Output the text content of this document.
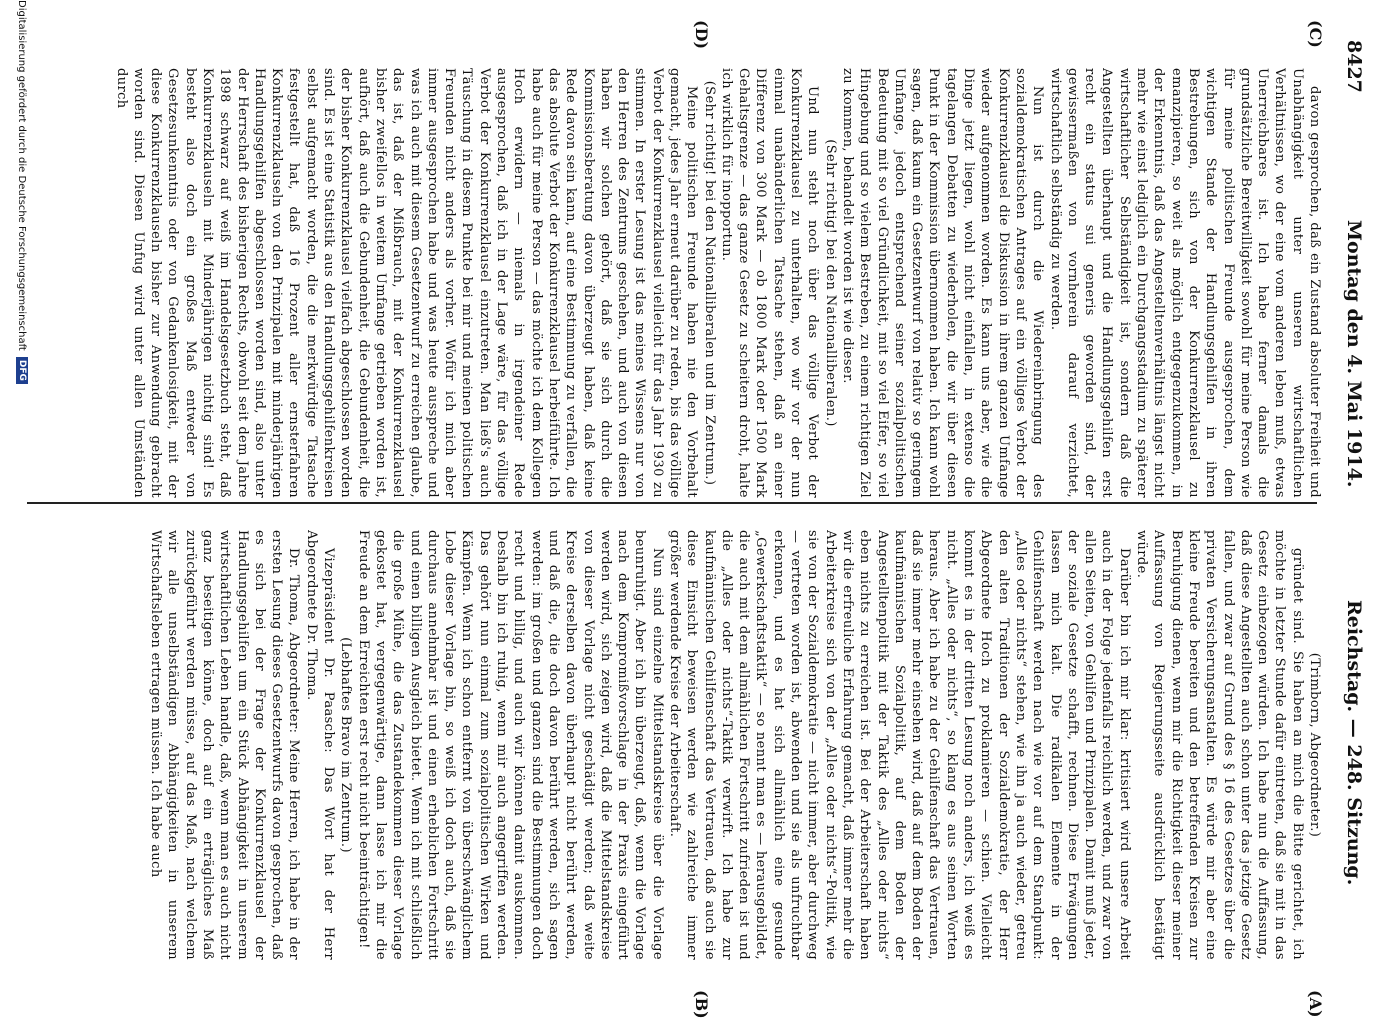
8427
Montag den 4. Mai 1914.
Reichstag. — 248. Sitzung.
(C)
(D)
(A)
(B)

davon gesprochen, daß ein Zustand absoluter Freiheit und Unabhängigkeit unter unseren wirtschaftlichen Verhältnissen, wo der eine vom anderen leben muß, etwas Unerreichbares ist. Ich habe ferner damals die grundsätzliche Bereitwilligkeit sowohl für meine Person wie für meine politischen Freunde ausgesprochen, dem wichtigen Stande der Handlungsgehilfen in ihren Bestrebungen, sich von der Konkurrenzklausel zu emanzipieren, so weit als möglich entgegenzukommen, in der Erkenntnis, daß das Angestelltenverhältnis längst nicht mehr wie einst lediglich ein Durchgangsstadium zu späterer wirtschaftlicher Selbständigkeit ist, sondern daß die Angestellten überhaupt und die Handlungsgehilfen erst recht ein status sui generis geworden sind, der gewissermaßen von vornherein darauf verzichtet, wirtschaftlich selbständig zu werden.

Nun ist durch die Wiedereinbringung des sozialdemokratischen Antrages auf ein völliges Verbot der Konkurrenzklausel die Diskussion in ihrem ganzen Umfange wieder aufgenommen worden. Es kann uns aber, wie die Dinge jetzt liegen, wohl nicht einfallen, in extenso die tagelangen Debatten zu wiederholen, die wir über diesen Punkt in der Kommission übernommen haben. Ich kann wohl sagen, daß kaum ein Gesetzentwurf von relativ so geringem Umfange, jedoch entsprechend seiner sozialpolitischen Bedeutung mit so viel Gründlichkeit, mit so viel Eifer, so viel Hingebung und so vielem Bestreben, zu einem richtigen Ziel zu kommen, behandelt worden ist wie dieser.

(Sehr richtig! bei den Nationalliberalen.)

Und nun steht noch über das völlige Verbot der Konkurrenzklausel zu unterhalten, wo wir vor der nun einmal unabänderlichen Tatsache stehen, daß an einer Differenz von 300 Mark — ob 1800 Mark oder 1500 Mark Gehaltsgrenze — das ganze Gesetz zu scheitern droht, halte ich wirklich für inopportun.

(Sehr richtig! bei den Nationalliberalen und im Zentrum.)

Meine politischen Freunde haben nie den Vorbehalt gemacht, jedes Jahr erneut darüber zu reden, bis das völlige Verbot der Konkurrenzklausel vielleicht für das Jahr 1930 zu stimmen. In erster Lesung ist das meines Wissens nur von den Herren des Zentrums geschehen, und auch von diesen haben wir solchen gehört, daß sie sich durch die Kommissionsberatung davon überzeugt haben, daß keine Rede davon sein kann, auf eine Bestimmung zu verfallen, die das absolute Verbot der Konkurrenzklausel herbeiführte. Ich habe auch für meine Person — das möchte ich dem Kollegen Hoch erwidern — niemals in irgendeiner Rede ausgesprochen, daß ich in der Lage wäre, für das völlige Verbot der Konkurrenzklausel einzutreten. Man ließ's auch Täuschung in diesem Punkte bei mir und meinen politischen Freunden nicht anders als vorher. Wofür ich mich aber immer ausgesprochen habe und was heute ausspreche und was ich auch mit diesem Gesetzentwurf zu erreichen glaube, das ist, daß der Mißbrauch, mit der Konkurrenzklausel bisher zweifellos in weitem Umfange getrieben worden ist, aufhört, daß auch die Gebundenheit, die Gebundenheit, die der bisher Konkurrenzklausel vielfach abgeschlossen worden sind. Es ist eine Statistik aus den Handlungsgehilfenkreisen selbst aufgemacht worden, die die merkwürdige Tatsache festgestellt hat, daß 16 Prozent aller ernsterfahren Konkurrenzklauseln von den Prinzipalen mit minderjährigen Handlungsgehilfen abgeschlossen worden sind, also unter der Herrschaft des bisherigen Rechts, obwohl seit dem Jahre 1898 schwarz auf weiß im Handelsgesetzbuch steht, daß Konkurrenzklauseln mit Minderjährigen nichtig sind! Es besteht also doch ein großes Maß entweder von Gesetzesunkenntnis oder von Gedankenlosigkeit, mit der diese Konkurrenzklauseln bisher zur Anwendung gebracht worden sind. Diesen Unfug wird unter allen Umständen durch

(Trimborn, Abgeordneter.)

gründet sind. Sie haben an mich die Bitte gerichtet, ich möchte in letzter Stunde dafür eintreten, daß sie mit in das Gesetz einbezogen würden. Ich habe nun die Auffassung, daß diese Angestellten auch schon unter das jetzige Gesetz fallen, und zwar auf Grund des § 16 des Gesetzes über die privaten Versicherungsanstalten. Es würde mir aber eine kleine Freude bereiten und den betreffenden Kreisen zur Beruhigung dienen, wenn mir die Richtigkeit dieser meiner Auffassung von Regierungsseite ausdrücklich bestätigt würde.

Darüber bin ich mir klar: kritisiert wird unsere Arbeit auch in der Folge jedenfalls reichlich werden, und zwar von allen Seiten, von Gehilfen und Prinzipalen. Damit muß jeder, der soziale Gesetze schafft, rechnen. Diese Erwägungen lassen mich kalt. Die radikalen Elemente in der Gehilfenschaft werden nach wie vor auf dem Standpunkt: „Alles oder nichts“ stehen, wie ihn ja auch wieder, getreu den alten Traditionen der Sozialdemokratie, der Herr Abgeordnete Hoch zu proklamieren — schien. Vielleicht kommt es in der dritten Lesung noch anders, ich weiß es nicht. „Alles oder nichts“, so klang es aus seinen Worten heraus. Aber ich habe zu der Gehilfenschaft das Vertrauen, daß sie immer mehr einsehen wird, daß auf dem Boden der kaufmännischen Sozialpolitik, auf dem Boden der Angestelltenpolitik mit der Taktik des „Alles oder nichts“ eben nichts zu erreichen ist. Bei der Arbeiterschaft haben wir die erfreuliche Erfahrung gemacht, daß immer mehr die Arbeiterkreise sich von der „Alles oder nichts“-Politik, wie sie von der Sozialdemokratie — nicht immer, aber durchweg — vertreten worden ist, abwenden und sie als unfruchtbar erkennen, und es hat sich allmählich eine gesunde „Gewerkschaftstaktik“ — so nennt man es — herausgebildet, die auch mit dem allmählichen Fortschritt zufrieden ist und die „Alles oder nichts“-Taktik verwirft. Ich habe zur kaufmännischen Gehilfenschaft das Vertrauen, daß auch sie diese Einsicht beweisen werden wie zahlreiche immer größer werdende Kreise der Arbeiterschaft.

Nun sind einzelne Mittelstandskreise über die Vorlage beunruhigt. Aber ich bin überzeugt, daß, wenn die Vorlage nach dem Kompromißvorschlage in der Praxis eingeführt werden wird, sich zeigen wird, daß die Mittelstandskreise von dieser Vorlage nicht geschädigt werden; daß weite Kreise derselben davon überhaupt nicht berührt werden, und daß die, die doch davon berührt werden, sich sagen werden: im großen und ganzen sind die Bestimmungen doch recht und billig, und auch wir können damit auskommen. Deshalb bin ich ruhig, wenn mir auch angegriffen werden. Das gehört nun einmal zum sozialpolitischen Wirken und Kämpfen. Wenn ich schon entfernt von überschwänglichem Lobe dieser Vorlage bin, so weiß ich doch auch, daß sie durchaus annehmbar ist und einen erheblichen Fortschritt und einen billigen Ausgleich bietet. Wenn ich mit schließlich die große Mühe, die das Zustandekommen dieser Vorlage gekostet hat, vergegenwärtige, dann lasse ich mir die Freude an dem Erreichten erst recht nicht beeinträchtigen!

(Lebhaftes Bravo im Zentrum.)

Vizepräsident Dr. Paasche: Das Wort hat der Herr Abgeordnete Dr. Thoma.

Dr. Thoma, Abgeordneter: Meine Herren, ich habe in der ersten Lesung dieses Gesetzentwurfs davon gesprochen, daß es sich bei der Frage der Konkurrenzklausel der Handlungsgehilfen um ein Stück Abhängigkeit in unserem wirtschaftlichen Leben handle, daß, wenn man es auch nicht ganz beseitigen könne, doch auf ein erträgliches Maß zurückgeführt werden müsse, auf das Maß, nach welchem wir alle unselbständigen Abhängigkeiten in unserem Wirtschaftsleben ertragen müssen. Ich habe auch

Digitalisierung gefördert durch die Deutsche Forschungsgemeinschaft
DFG
